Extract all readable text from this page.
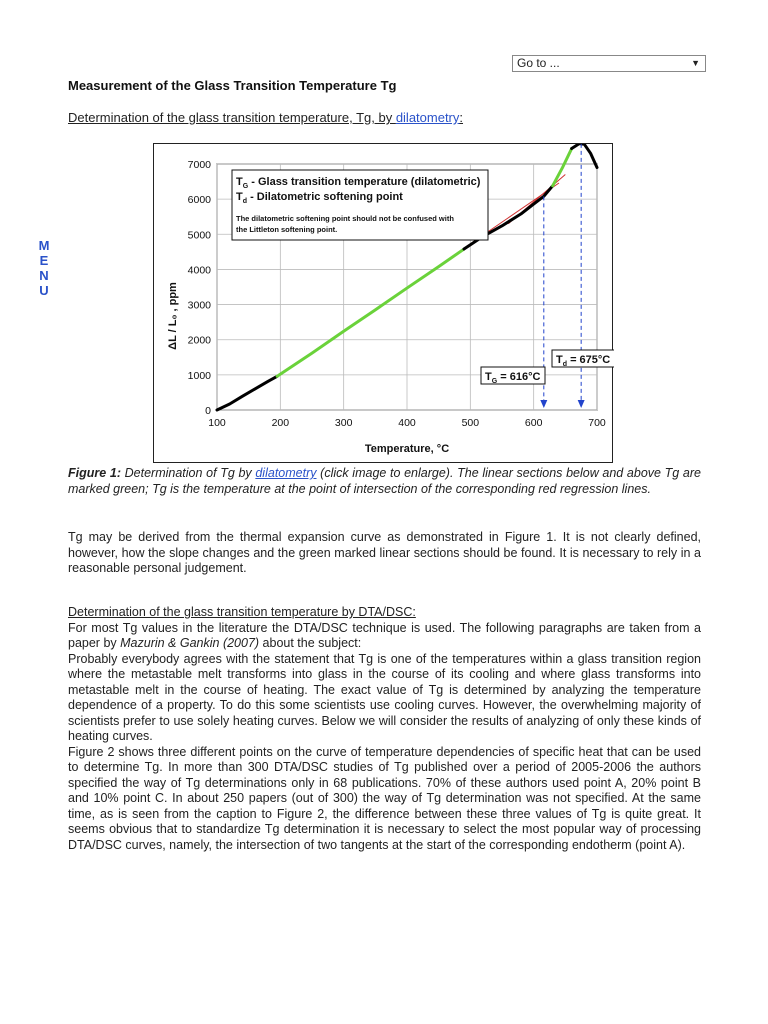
Go to ...	▼
M
E
N
U
Measurement of the Glass Transition Temperature Tg
Determination of the glass transition temperature, Tg, by dilatometry:
0
1000
2000
3000
4000
5000
6000
7000
100	200	300	400	500	600	700
ΔL / L₀ , ppm
Temperature, °C
$T_G$ - Glass transition temperature (dilatometric)
$T_d$ - Dilatometric softening point
The dilatometric softening point should not be confused with
the Littleton softening point.
$T_G = 616^\circ C$
$T_d = 675^\circ C$
Figure 1: Determination of Tg by dilatometry (click image to enlarge). The linear sections below and above Tg are marked green; Tg is the temperature at the point of intersection of the corresponding red regression lines.
Tg may be derived from the thermal expansion curve as demonstrated in Figure 1. It is not clearly defined, however, how the slope changes and the green marked linear sections should be found. It is necessary to rely in a reasonable personal judgement.
Determination of the glass transition temperature by DTA/DSC:
For most Tg values in the literature the DTA/DSC technique is used. The following paragraphs are taken from a paper by Mazurin & Gankin (2007) about the subject:
Probably everybody agrees with the statement that Tg is one of the temperatures within a glass transition region where the metastable melt transforms into glass in the course of its cooling and where glass transforms into metastable melt in the course of heating. The exact value of Tg is determined by analyzing the temperature dependence of a property. To do this some scientists use cooling curves. However, the overwhelming majority of scientists prefer to use solely heating curves. Below we will consider the results of analyzing of only these kinds of heating curves.
Figure 2 shows three different points on the curve of temperature dependencies of specific heat that can be used to determine Tg. In more than 300 DTA/DSC studies of Tg published over a period of 2005-2006 the authors specified the way of Tg determinations only in 68 publications. 70% of these authors used point A, 20% point B and 10% point C. In about 250 papers (out of 300) the way of Tg determination was not specified. At the same time, as is seen from the caption to Figure 2, the difference between these three values of Tg is quite great. It seems obvious that to standardize Tg determination it is necessary to select the most popular way of processing DTA/DSC curves, namely, the intersection of two tangents at the start of the corresponding endotherm (point A).
